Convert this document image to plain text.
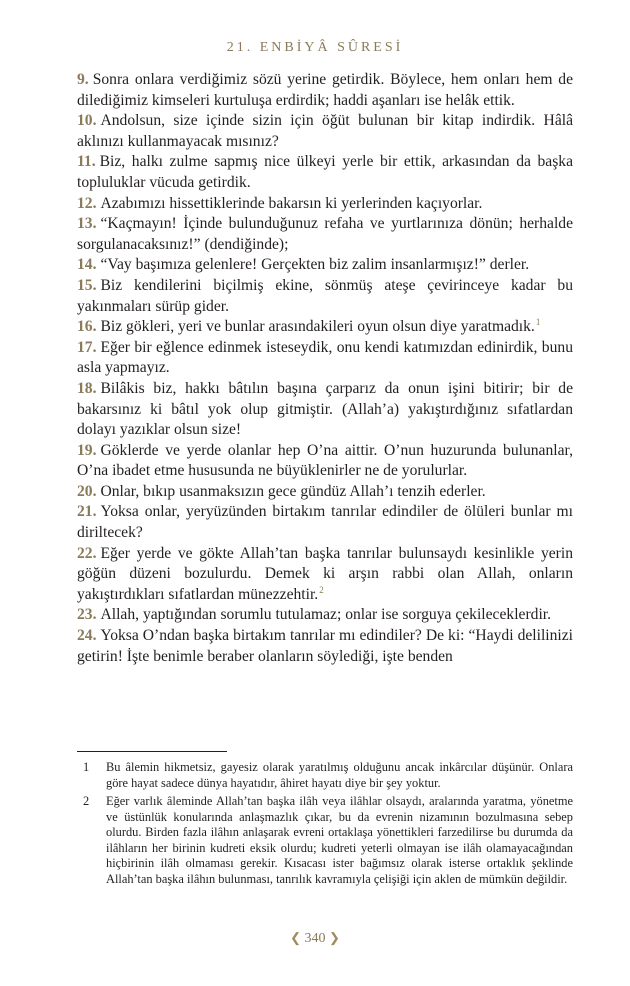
21. ENBİYÂ SÛRESİ

9. Sonra onlara verdiğimiz sözü yerine getirdik. Böylece, hem onları hem de dilediğimiz kimseleri kurtuluşa erdirdik; haddi aşanları ise helâk ettik.

10. Andolsun, size içinde sizin için öğüt bulunan bir kitap indirdik. Hâlâ aklınızı kullanmayacak mısınız?

11. Biz, halkı zulme sapmış nice ülkeyi yerle bir ettik, arkasından da başka topluluklar vücuda getirdik.

12. Azabımızı hissettiklerinde bakarsın ki yerlerinden kaçıyorlar.

13. “Kaçmayın! İçinde bulunduğunuz refaha ve yurtlarınıza dönün; herhalde sorgulanacaksınız!” (dendiğinde);

14. “Vay başımıza gelenlere! Gerçekten biz zalim insanlarmışız!” derler.

15. Biz kendilerini biçilmiş ekine, sönmüş ateşe çevirinceye kadar bu yakınmaları sürüp gider.

16. Biz gökleri, yeri ve bunlar arasındakileri oyun olsun diye yaratmadık.$^1$

17. Eğer bir eğlence edinmek isteseydik, onu kendi katımızdan edinirdik, bunu asla yapmayız.

18. Bilâkis biz, hakkı bâtılın başına çarparız da onun işini bitirir; bir de bakarsınız ki bâtıl yok olup gitmiştir. (Allah’a) yakıştırdığınız sıfatlardan dolayı yazıklar olsun size!

19. Göklerde ve yerde olanlar hep O’na aittir. O’nun huzurunda bulunanlar, O’na ibadet etme hususunda ne büyüklenirler ne de yorulurlar.

20. Onlar, bıkıp usanmaksızın gece gündüz Allah’ı tenzih ederler.

21. Yoksa onlar, yeryüzünden birtakım tanrılar edindiler de ölüleri bunlar mı diriltecek?

22. Eğer yerde ve gökte Allah’tan başka tanrılar bulunsaydı kesinlikle yerin göğün düzeni bozulurdu. Demek ki arşın rabbi olan Allah, onların yakıştırdıkları sıfatlardan münezzehtir.$^2$

23. Allah, yaptığından sorumlu tutulamaz; onlar ise sorguya çekileceklerdir.

24. Yoksa O’ndan başka birtakım tanrılar mı edindiler? De ki: “Haydi delilinizi getirin! İşte benimle beraber olanların söylediği, işte benden

1	Bu âlemin hikmetsiz, gayesiz olarak yaratılmış olduğunu ancak inkârcılar düşünür. Onlara göre hayat sadece dünya hayatıdır, âhiret hayatı diye bir şey yoktur.
2	Eğer varlık âleminde Allah’tan başka ilâh veya ilâhlar olsaydı, aralarında yaratma, yönetme ve üstünlük konularında anlaşmazlık çıkar, bu da evrenin nizamının bozulmasına sebep olurdu. Birden fazla ilâhın anlaşarak evreni ortaklaşa yönettikleri farzedilirse bu durumda da ilâhların her birinin kudreti eksik olurdu; kudreti yeterli olmayan ise ilâh olamayacağından hiçbirinin ilâh olmaması gerekir. Kısacası ister bağımsız olarak isterse ortaklık şeklinde Allah’tan başka ilâhın bulunması, tanrılık kavramıyla çelişiği için aklen de mümkün değildir.
❮ 340 ❯
